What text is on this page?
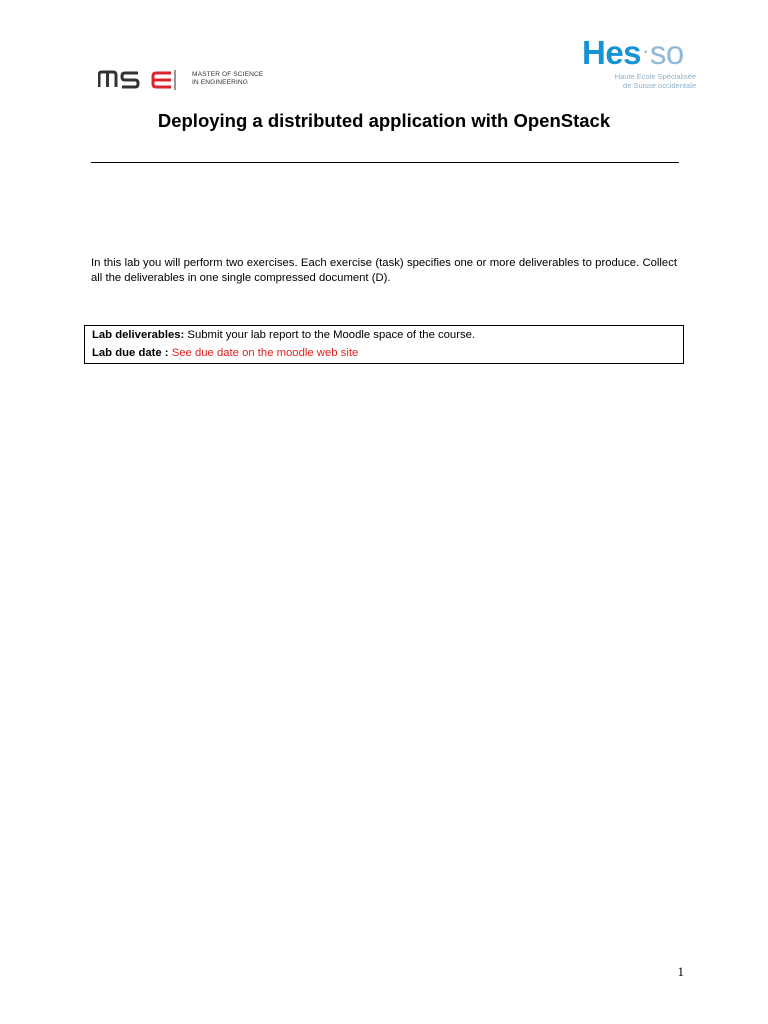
MASTER OF SCIENCE
IN ENGINEERING
Hes·so
Haute Ecole Spécialisée
de Suisse occidentale
Deploying a distributed application with OpenStack
In this lab you will perform two exercises. Each exercise (task) specifies one or more deliverables to produce. Collect all the deliverables in one single compressed document (D).
Lab deliverables: Submit your lab report to the Moodle space of the course.
Lab due date : See due date on the moodle web site
1
